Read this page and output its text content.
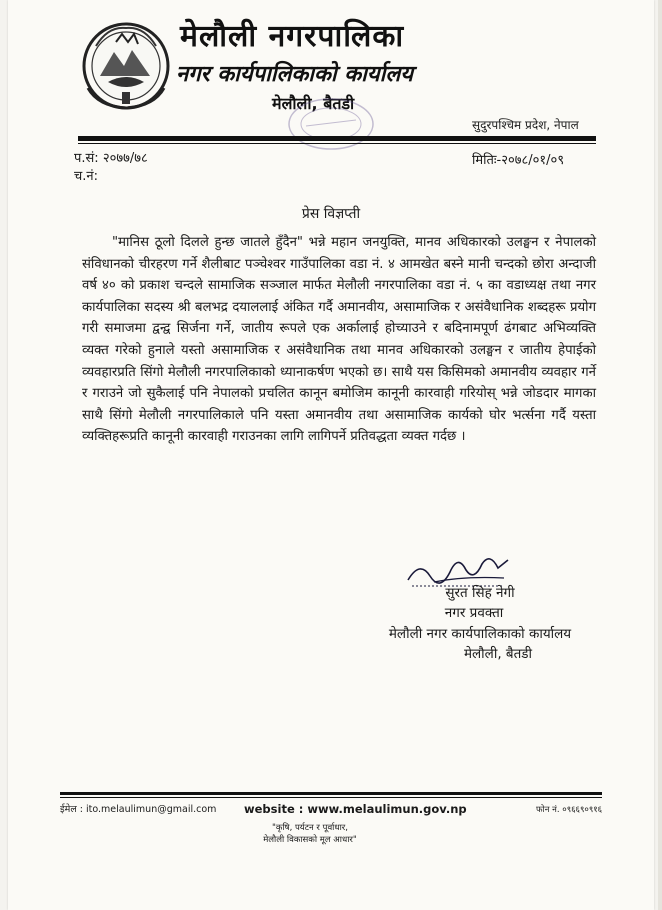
मेलौली नगरपालिका
नगर कार्यपालिकाको कार्यालय
मेलौली, बैतडी
सुदुरपश्चिम प्रदेश, नेपाल
प.सं: २०७७/७८
च.नं:
मितिः-२०७८/०१/०९
प्रेस विज्ञप्ती
"मानिस ठूलो दिलले हुन्छ जातले हुँदैन" भन्ने महान जनयुक्ति, मानव अधिकारको उलङ्घन र नेपालको संविधानको चीरहरण गर्ने शैलीबाट पञ्चेश्वर गाउँपालिका वडा नं. ४ आमखेत बस्ने मानी चन्दको छोरा अन्दाजी वर्ष ४० को प्रकाश चन्दले सामाजिक सञ्जाल मार्फत मेलौली नगरपालिका वडा नं. ५ का वडाध्यक्ष तथा नगर कार्यपालिका सदस्य श्री बलभद्र दयाललाई अंकित गर्दै अमानवीय, असामाजिक र असंवैधानिक शब्दहरू प्रयोग गरी समाजमा द्वन्द्व सिर्जना गर्ने, जातीय रूपले एक अर्कालाई होच्याउने र बदिनामपूर्ण ढंगबाट अभिव्यक्ति व्यक्त गरेको हुनाले यस्तो असामाजिक र असंवैधानिक तथा मानव अधिकारको उलङ्घन र जातीय हेपाईको व्यवहारप्रति सिंगो मेलौली नगरपालिकाको ध्यानाकर्षण भएको छ। साथै यस किसिमको अमानवीय व्यवहार गर्ने र गराउने जो सुकैलाई पनि नेपालको प्रचलित कानून बमोजिम कानूनी कारवाही गरियोस् भन्ने जोडदार मागका साथै सिंगो मेलौली नगरपालिकाले पनि यस्ता अमानवीय तथा असामाजिक कार्यको घोर भर्त्सना गर्दै यस्ता व्यक्तिहरूप्रति कानूनी कारवाही गराउनका लागि लागिपर्ने प्रतिवद्धता व्यक्त गर्दछ ।
सुरत सिह नेगी
नगर प्रवक्ता
मेलौली नगर कार्यपालिकाको कार्यालय
मेलौली, बैतडी
ईमेल : ito.melaulimun@gmail.com website : www.melaulimun.gov.np	फोन नं. ०९६६९०९१६
"कृषि, पर्यटन र पूर्वाधार,
मेलौली विकासको मूल आधार"
